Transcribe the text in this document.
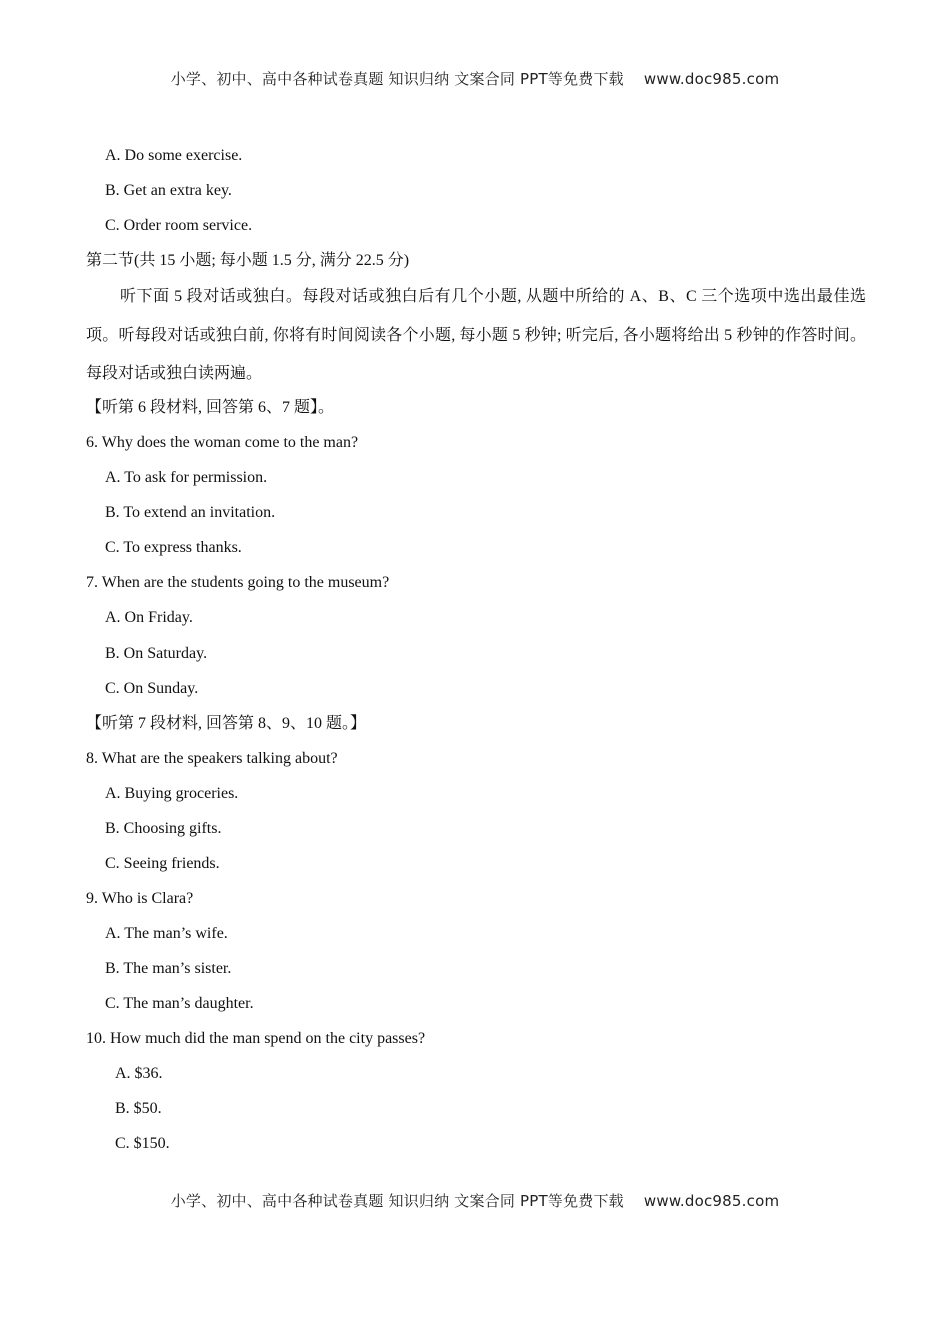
小学、初中、高中各种试卷真题 知识归纳 文案合同 PPT等免费下载 www.doc985.com
A. Do some exercise.
B. Get an extra key.
C. Order room service.
第二节(共 15 小题; 每小题 1.5 分, 满分 22.5 分)
听下面 5 段对话或独白。每段对话或独白后有几个小题, 从题中所给的 A、B、C 三个选项中选出最佳选项。听每段对话或独白前, 你将有时间阅读各个小题, 每小题 5 秒钟; 听完后, 各小题将给出 5 秒钟的作答时间。每段对话或独白读两遍。
【听第 6 段材料, 回答第 6、7 题】。
6. Why does the woman come to the man?
A. To ask for permission.
B. To extend an invitation.
C. To express thanks.
7. When are the students going to the museum?
A. On Friday.
B. On Saturday.
C. On Sunday.
【听第 7 段材料, 回答第 8、9、10 题。】
8. What are the speakers talking about?
A. Buying groceries.
B. Choosing gifts.
C. Seeing friends.
9. Who is Clara?
A. The man’s wife.
B. The man’s sister.
C. The man’s daughter.
10. How much did the man spend on the city passes?
A. $36.
B. $50.
C. $150.
小学、初中、高中各种试卷真题 知识归纳 文案合同 PPT等免费下载 www.doc985.com
